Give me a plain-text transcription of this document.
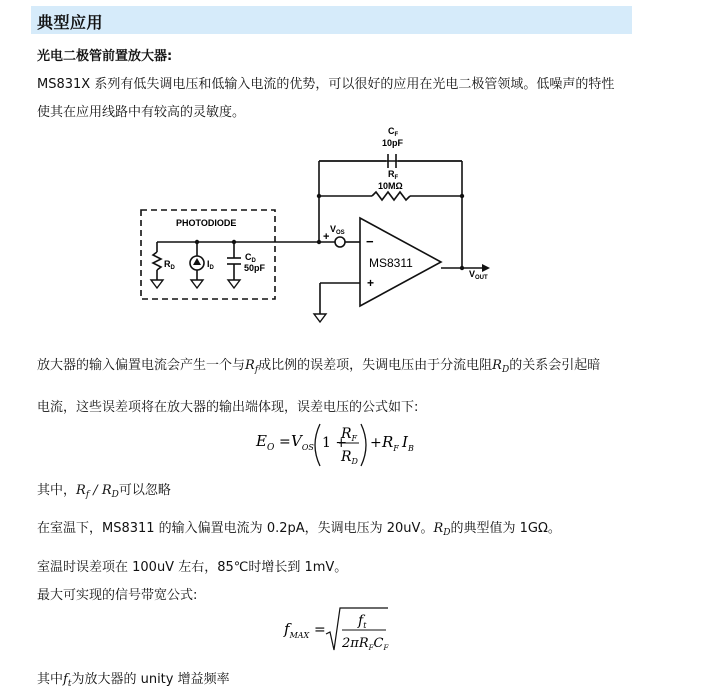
典型应用
光电二极管前置放大器:
MS831X 系列有低失调电压和低输入电流的优势，可以很好的应用在光电二极管领域。低噪声的特性
使其在应用线路中有较高的灵敏度。
$C_F$
10pF
$R_F$
10MΩ
PHOTODIODE
$R_D$	$I_D$
$C_D$
50pF
$V_{OS}$
+	−
+
MS8311
$V_{OUT}$
放大器的输入偏置电流会产生一个与$R_f$成比例的误差项，失调电压由于分流电阻$R_D$的关系会引起暗
电流，这些误差项将在放大器的输出端体现，误差电压的公式如下:
$E_O = V_{OS}$ 1 +
$R_F$
$R_D$
+ $R_F$ $I_B$
其中，$R_f / R_D$可以忽略
在室温下，MS8311 的输入偏置电流为 0.2pA，失调电压为 20uV。$R_D$的典型值为 1GΩ。
室温时误差项在 100uV 左右，85℃时增长到 1mV。
最大可实现的信号带宽公式:
$f_{MAX}$ =
$f_t$
$2\pi R_FC_F$
其中$f_t$为放大器的 unity 增益频率
